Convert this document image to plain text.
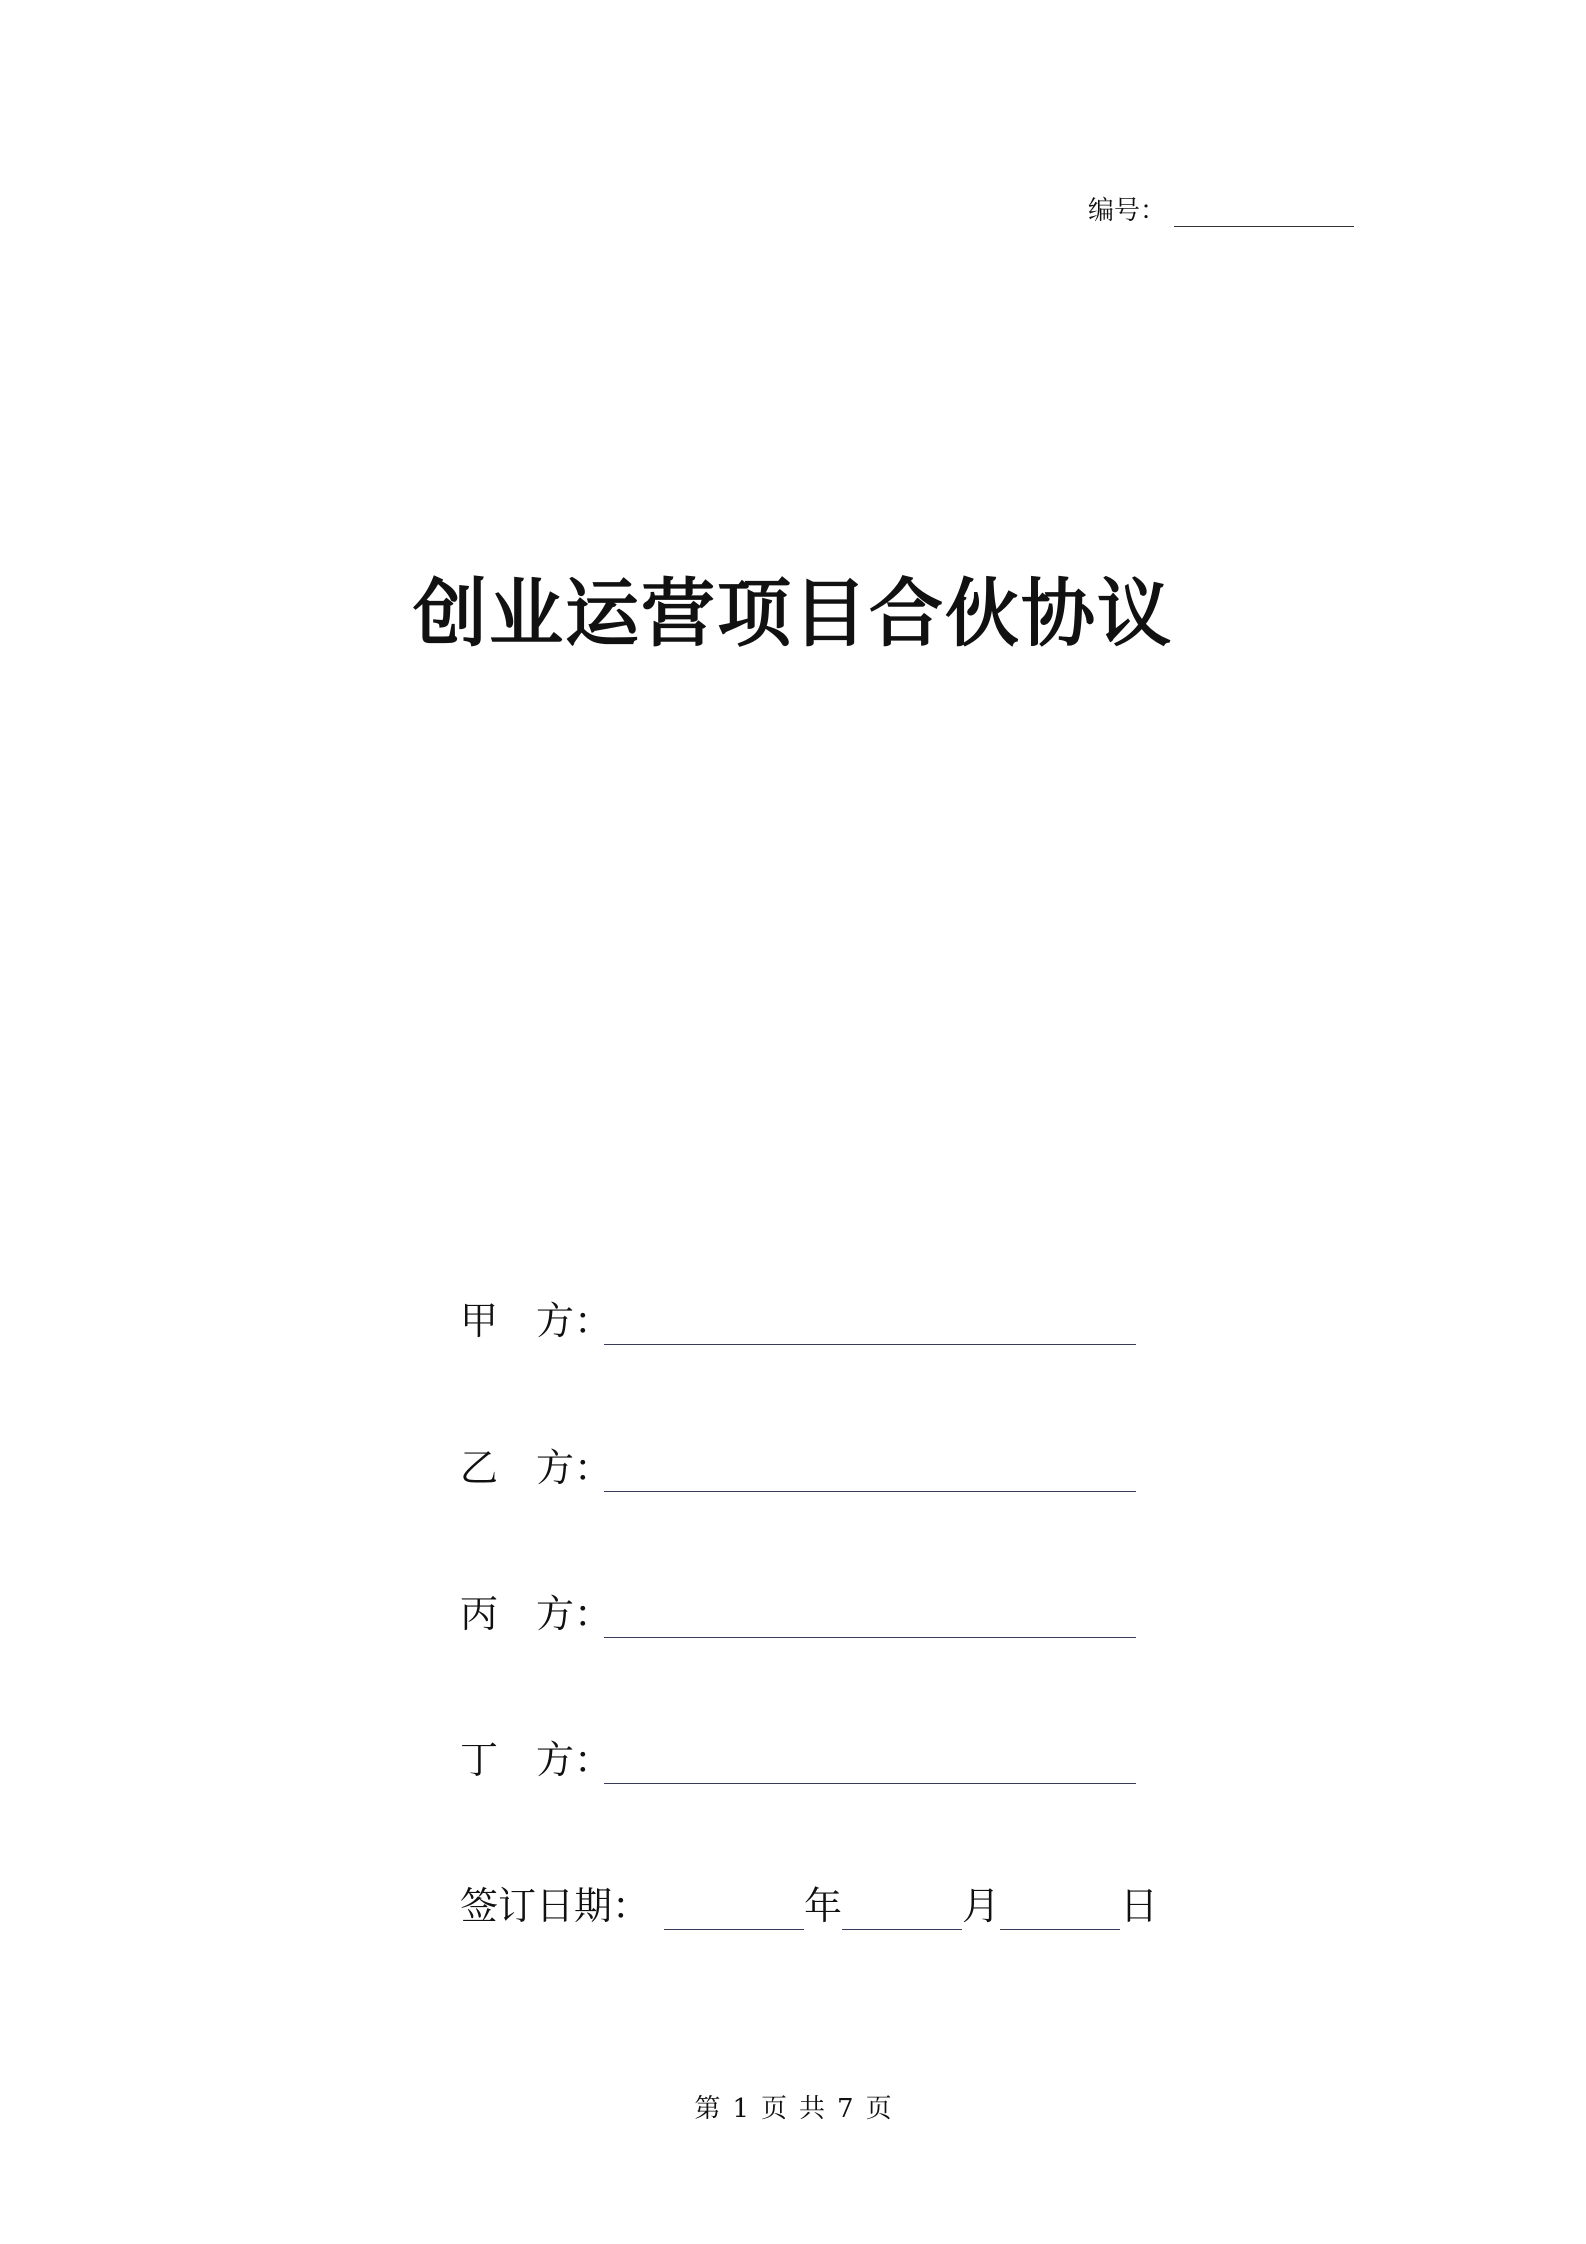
编号：
创业运营项目合伙协议
甲　方：
乙　方：
丙　方：
丁　方：
签订日期：	年	月	日
第 1 页 共 7 页
